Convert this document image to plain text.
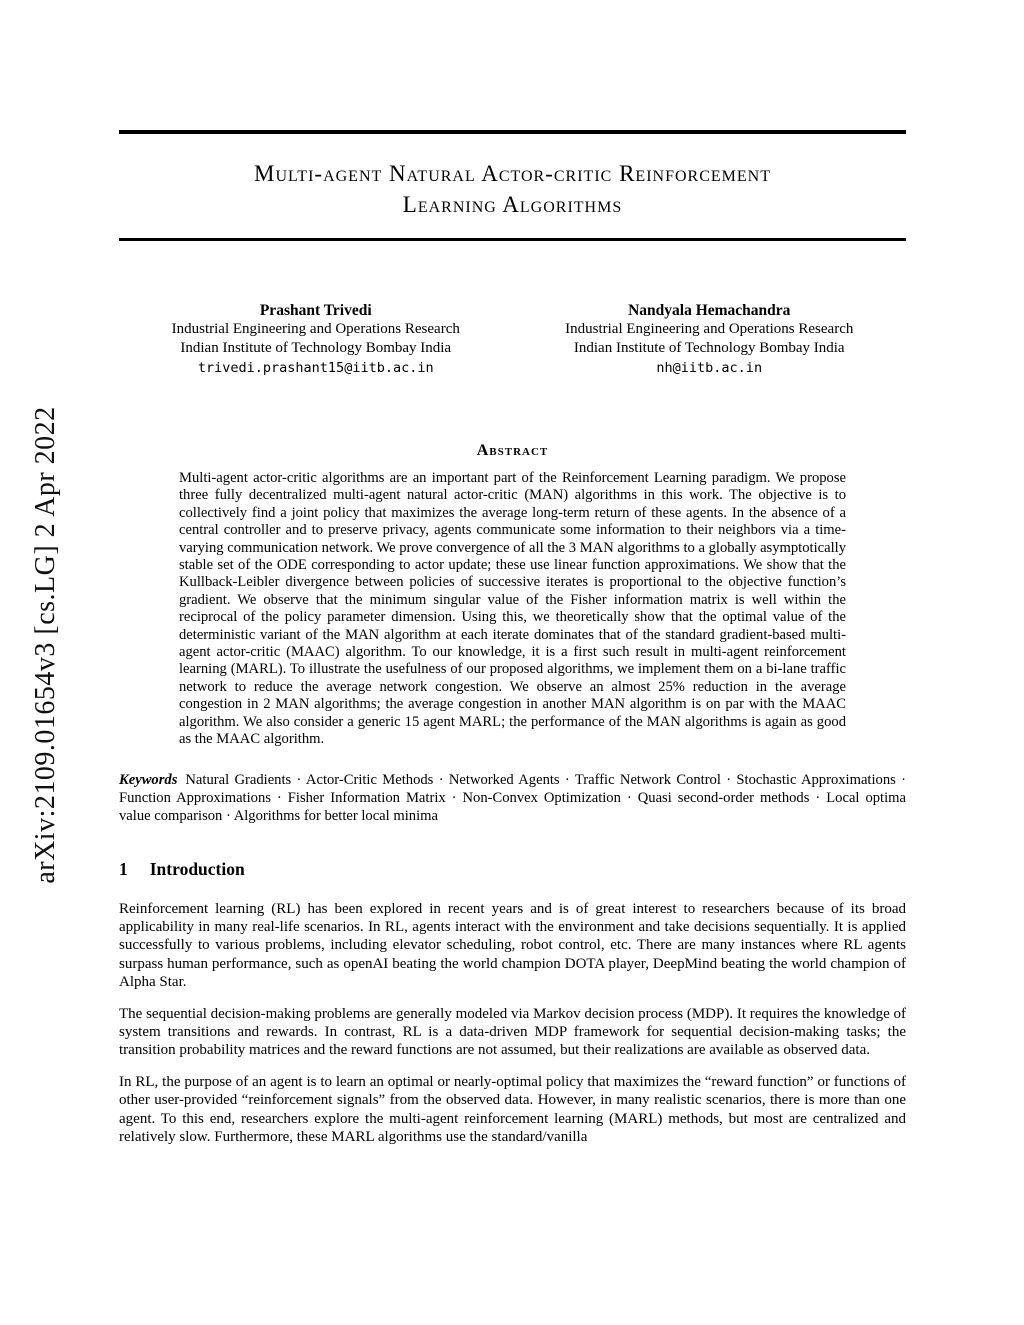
arXiv:2109.01654v3 [cs.LG] 2 Apr 2022
Multi-agent Natural Actor-critic Reinforcement
Learning Algorithms
Prashant Trivedi
Industrial Engineering and Operations Research
Indian Institute of Technology Bombay India
trivedi.prashant15@iitb.ac.in
Nandyala Hemachandra
Industrial Engineering and Operations Research
Indian Institute of Technology Bombay India
nh@iitb.ac.in
Abstract
Multi-agent actor-critic algorithms are an important part of the Reinforcement Learning paradigm. We propose three fully decentralized multi-agent natural actor-critic (MAN) algorithms in this work. The objective is to collectively find a joint policy that maximizes the average long-term return of these agents. In the absence of a central controller and to preserve privacy, agents communicate some information to their neighbors via a time-varying communication network. We prove convergence of all the 3 MAN algorithms to a globally asymptotically stable set of the ODE corresponding to actor update; these use linear function approximations. We show that the Kullback-Leibler divergence between policies of successive iterates is proportional to the objective function’s gradient. We observe that the minimum singular value of the Fisher information matrix is well within the reciprocal of the policy parameter dimension. Using this, we theoretically show that the optimal value of the deterministic variant of the MAN algorithm at each iterate dominates that of the standard gradient-based multi-agent actor-critic (MAAC) algorithm. To our knowledge, it is a first such result in multi-agent reinforcement learning (MARL). To illustrate the usefulness of our proposed algorithms, we implement them on a bi-lane traffic network to reduce the average network congestion. We observe an almost 25% reduction in the average congestion in 2 MAN algorithms; the average congestion in another MAN algorithm is on par with the MAAC algorithm. We also consider a generic 15 agent MARL; the performance of the MAN algorithms is again as good as the MAAC algorithm.
Keywords Natural Gradients · Actor-Critic Methods · Networked Agents · Traffic Network Control · Stochastic Approximations · Function Approximations · Fisher Information Matrix · Non-Convex Optimization · Quasi second-order methods · Local optima value comparison · Algorithms for better local minima
1 Introduction
Reinforcement learning (RL) has been explored in recent years and is of great interest to researchers because of its broad applicability in many real-life scenarios. In RL, agents interact with the environment and take decisions sequentially. It is applied successfully to various problems, including elevator scheduling, robot control, etc. There are many instances where RL agents surpass human performance, such as openAI beating the world champion DOTA player, DeepMind beating the world champion of Alpha Star.
The sequential decision-making problems are generally modeled via Markov decision process (MDP). It requires the knowledge of system transitions and rewards. In contrast, RL is a data-driven MDP framework for sequential decision-making tasks; the transition probability matrices and the reward functions are not assumed, but their realizations are available as observed data.
In RL, the purpose of an agent is to learn an optimal or nearly-optimal policy that maximizes the “reward function” or functions of other user-provided “reinforcement signals” from the observed data. However, in many realistic scenarios, there is more than one agent. To this end, researchers explore the multi-agent reinforcement learning (MARL) methods, but most are centralized and relatively slow. Furthermore, these MARL algorithms use the standard/vanilla
